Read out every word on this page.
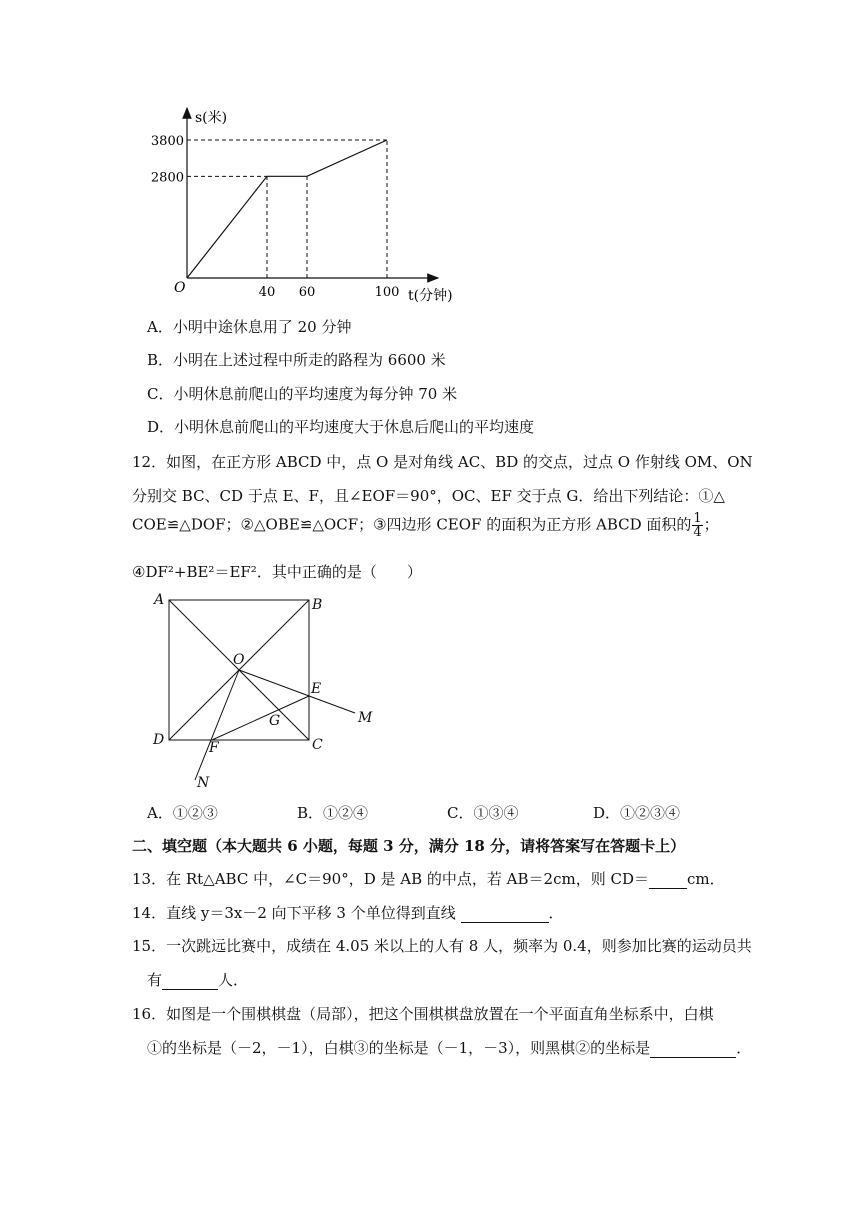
40 60	100
2800
3800
s(米)
t(分钟)
O
A．小明中途休息用了 20 分钟
B．小明在上述过程中所走的路程为 6600 米
C．小明休息前爬山的平均速度为每分钟 70 米
D．小明休息前爬山的平均速度大于休息后爬山的平均速度
12．如图，在正方形 ABCD 中，点 O 是对角线 AC、BD 的交点，过点 O 作射线 OM、ON
分别交 BC、CD 于点 E、F，且∠EOF＝90°，OC、EF 交于点 G．给出下列结论：①△
COE≌△DOF；②△OBE≌△OCF；③四边形 CEOF 的面积为正方形 ABCD 面积的 $\frac{1}{4}$ ；
④DF²+BE²＝EF²．其中正确的是（　　）
A	B
C
D
O
E
F
G	M
N
A．①②③	B．①②④	C．①③④	D．①②③④
二、填空题（本大题共 6 小题，每题 3 分，满分 18 分，请将答案写在答题卡上）
13．在 Rt△ABC 中，∠C＝90°，D 是 AB 的中点，若 AB＝2cm，则 CD＝	cm．
14．直线 y＝3x－2 向下平移 3 个单位得到直线	．
15．一次跳远比赛中，成绩在 4.05 米以上的人有 8 人，频率为 0.4，则参加比赛的运动员共
有	人．
16．如图是一个围棋棋盘（局部），把这个围棋棋盘放置在一个平面直角坐标系中，白棋
①的坐标是（－2，－1），白棋③的坐标是（－1，－3），则黑棋②的坐标是	．
